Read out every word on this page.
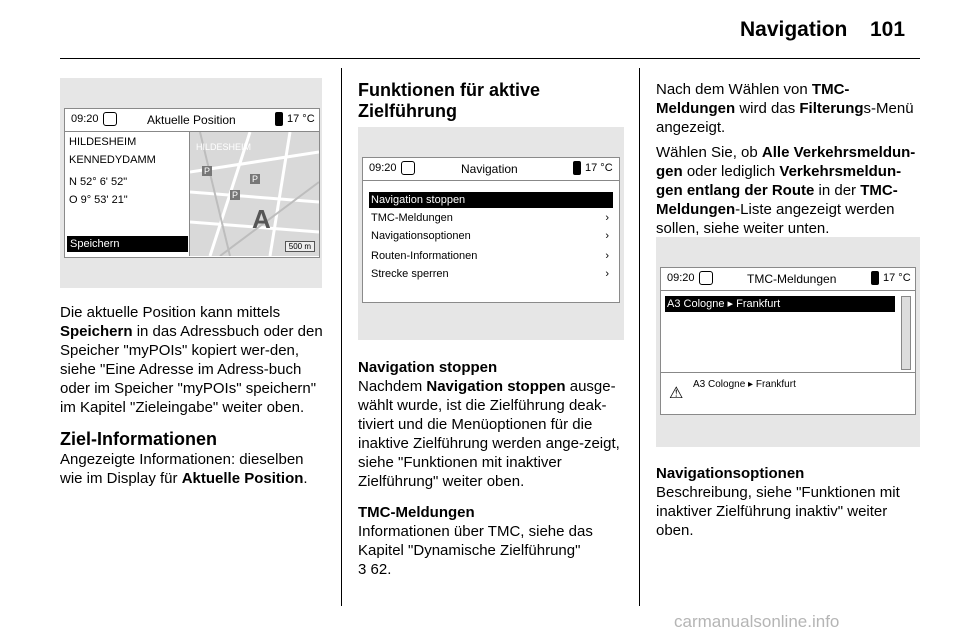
Navigation 101
09:20	Aktuelle Position	17 °C
HILDESHEIM
KENNEDYDAMM
N 52° 6' 52"
O 9° 53' 21"
Speichern
A
HILDESHEIM
P
P
P
500 m

Die aktuelle Position kann mittels Speichern in das Adressbuch oder den Speicher "myPOIs" kopiert wer-den, siehe "Eine Adresse im Adress-buch oder im Speicher "myPOIs" speichern" im Kapitel "Zieleingabe" weiter oben.

Ziel-Informationen

Angezeigte Informationen: dieselben wie im Display für Aktuelle Position.

Funktionen für aktive Zielführung

09:20	Navigation	17 °C
Navigation stoppen
TMC-Meldungen	›
Navigationsoptionen	›
Routen-Informationen	›
Strecke sperren	›

Navigation stoppen

Nachdem Navigation stoppen ausge-wählt wurde, ist die Zielführung deak-tiviert und die Menüoptionen für die inaktive Zielführung werden ange-zeigt, siehe "Funktionen mit inaktiver Zielführung" weiter oben.

TMC-Meldungen

Informationen über TMC, siehe das Kapitel "Dynamische Zielführung"

3 62.

Nach dem Wählen von TMC-Meldungen wird das Filterungs-Menü angezeigt.

Wählen Sie, ob Alle Verkehrsmeldun-gen oder lediglich Verkehrsmeldun-gen entlang der Route in der TMC-Meldungen-Liste angezeigt werden sollen, siehe weiter unten.

09:20	TMC-Meldungen	17 °C
A3 Cologne ▸ Frankfurt
⚠
A3 Cologne ▸ Frankfurt

Navigationsoptionen

Beschreibung, siehe "Funktionen mit inaktiver Zielführung inaktiv" weiter oben.

carmanualsonline.info
